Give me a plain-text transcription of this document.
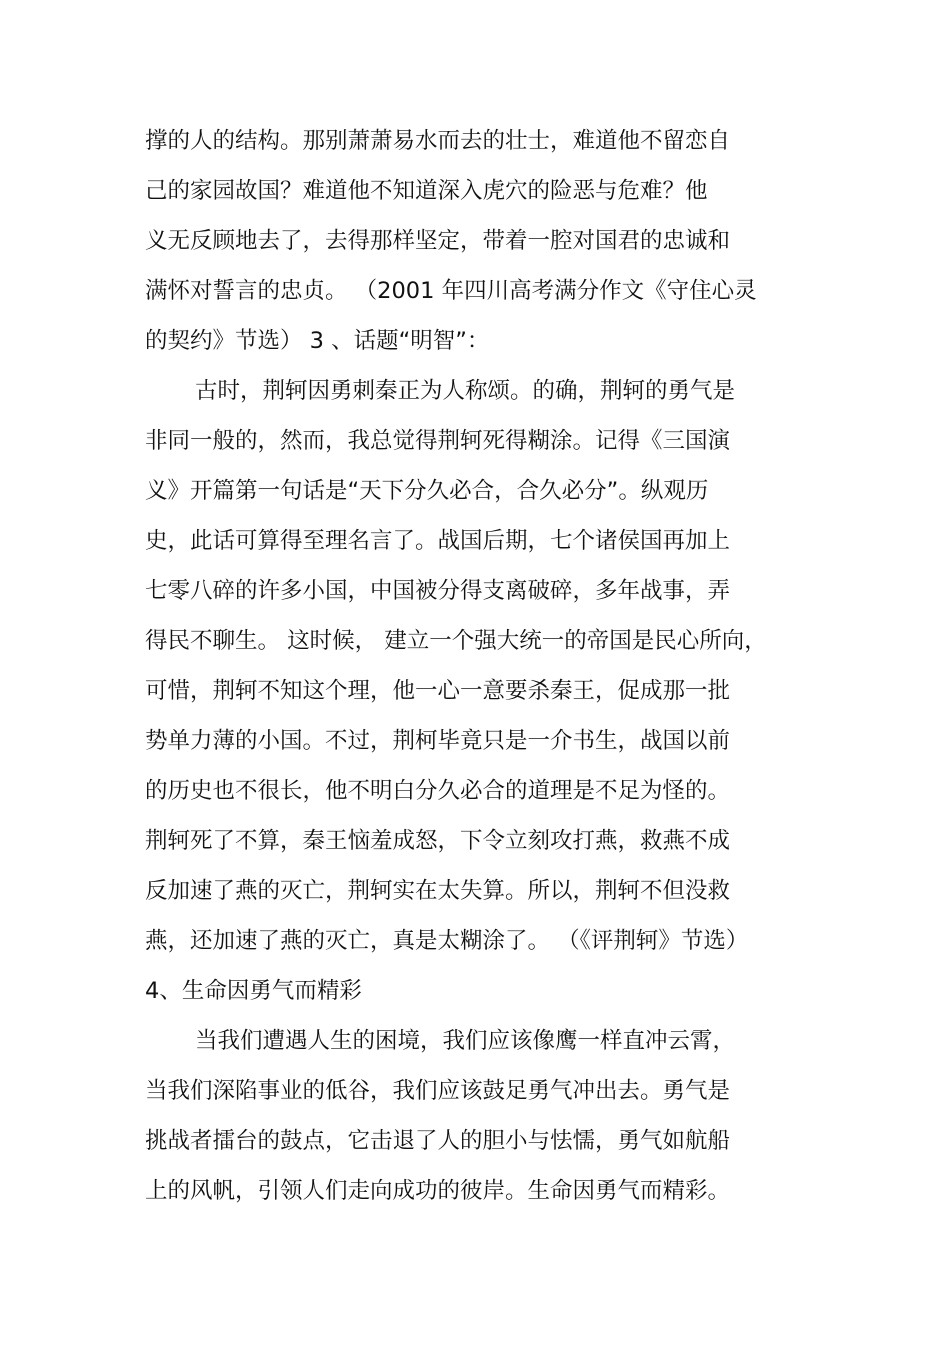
撑的人的结构。那别萧萧易水而去的壮士，难道他不留恋自
己的家园故国？难道他不知道深入虎穴的险恶与危难？他
义无反顾地去了，去得那样坚定，带着一腔对国君的忠诚和
满怀对誓言的忠贞。 （2001 年四川高考满分作文《守住心灵
的契约》节选） 3 、话题“明智”：
古时，荆轲因勇刺秦正为人称颂。的确，荆轲的勇气是
非同一般的，然而，我总觉得荆轲死得糊涂。记得《三国演
义》开篇第一句话是“天下分久必合，合久必分”。纵观历
史，此话可算得至理名言了。战国后期，七个诸侯国再加上
七零八碎的许多小国，中国被分得支离破碎，多年战事，弄
得民不聊生。 这时候， 建立一个强大统一的帝国是民心所向，
可惜，荆轲不知这个理，他一心一意要杀秦王，促成那一批
势单力薄的小国。不过，荆柯毕竟只是一介书生，战国以前
的历史也不很长，他不明白分久必合的道理是不足为怪的。
荆轲死了不算，秦王恼羞成怒，下令立刻攻打燕，救燕不成
反加速了燕的灭亡，荆轲实在太失算。所以，荆轲不但没救
燕，还加速了燕的灭亡，真是太糊涂了。 （《评荆轲》节选）
4、生命因勇气而精彩
当我们遭遇人生的困境，我们应该像鹰一样直冲云霄，
当我们深陷事业的低谷，我们应该鼓足勇气冲出去。勇气是
挑战者擂台的鼓点，它击退了人的胆小与怯懦，勇气如航船
上的风帆，引领人们走向成功的彼岸。生命因勇气而精彩。
